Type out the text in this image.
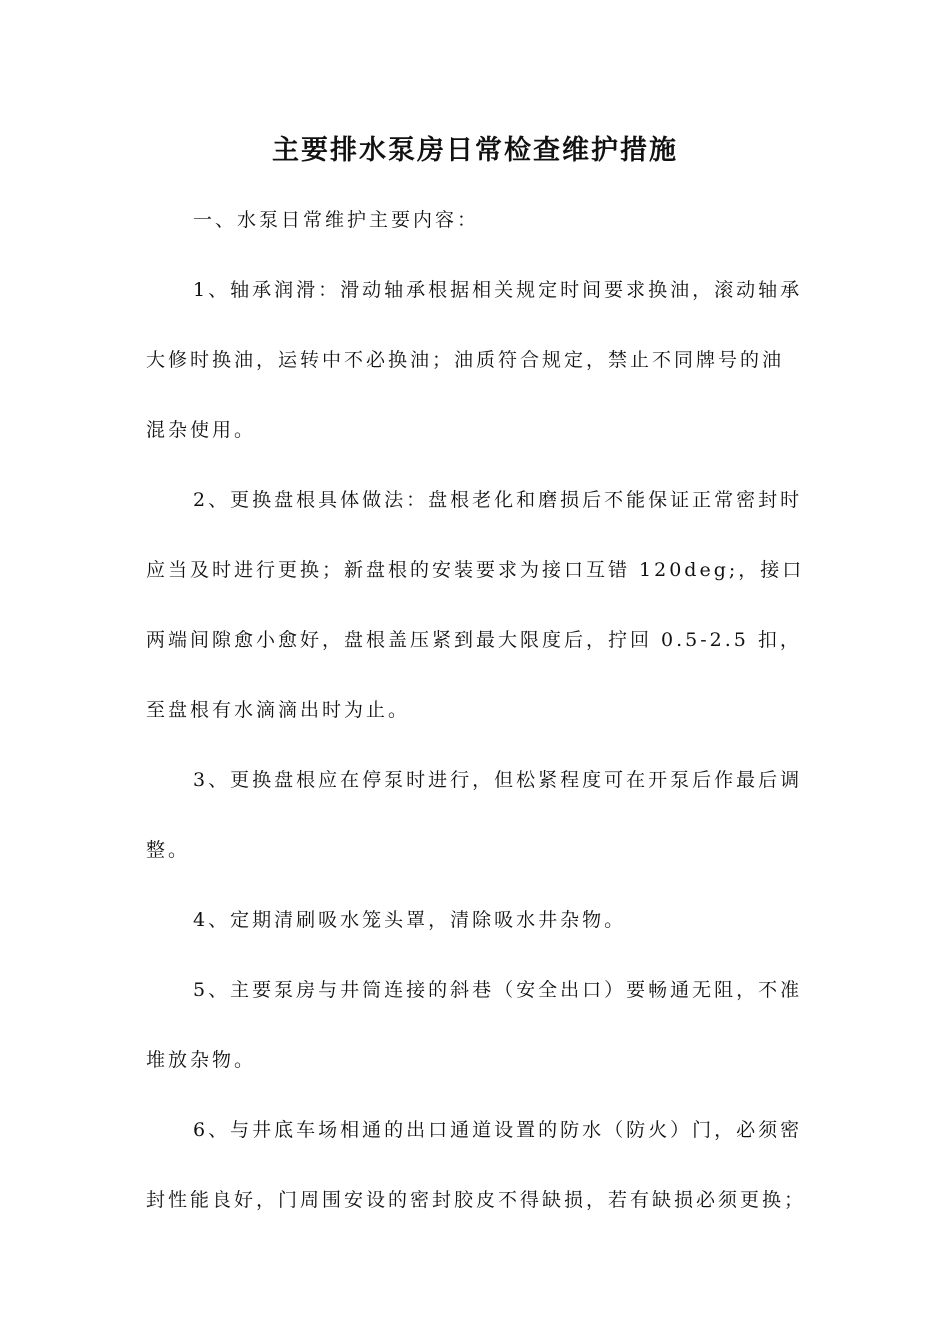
主要排水泵房日常检查维护措施
一、水泵日常维护主要内容：
1、轴承润滑：滑动轴承根据相关规定时间要求换油，滚动轴承
大修时换油，运转中不必换油；油质符合规定，禁止不同牌号的油
混杂使用。
2、更换盘根具体做法：盘根老化和磨损后不能保证正常密封时
应当及时进行更换；新盘根的安装要求为接口互错 120deg;，接口
两端间隙愈小愈好，盘根盖压紧到最大限度后，拧回 0.5-2.5 扣，
至盘根有水滴滴出时为止。
3、更换盘根应在停泵时进行，但松紧程度可在开泵后作最后调
整。
4、定期清刷吸水笼头罩，清除吸水井杂物。
5、主要泵房与井筒连接的斜巷（安全出口）要畅通无阻，不准
堆放杂物。
6、与井底车场相通的出口通道设置的防水（防火）门，必须密
封性能良好，门周围安设的密封胶皮不得缺损，若有缺损必须更换；
